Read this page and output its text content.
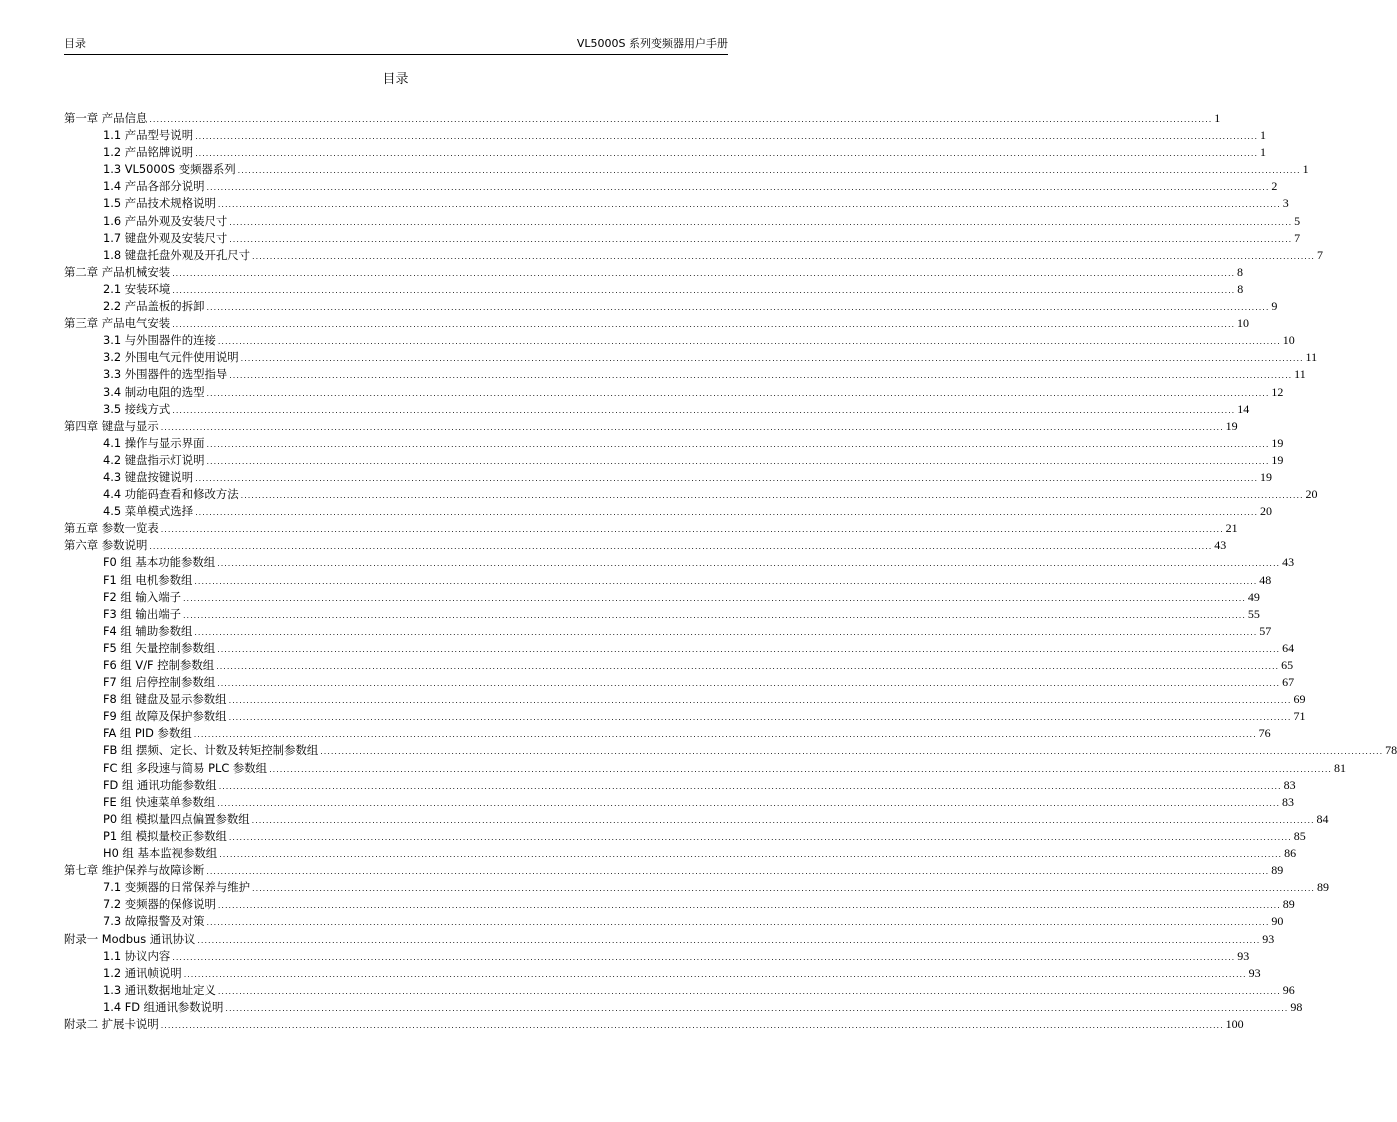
目录	VL5000S 系列变频器用户手册
目录
第一章 产品信息 ............................................................................................................................................................................................................................................................................................................ 1
1.1 产品型号说明 ............................................................................................................................................................................................................................................................................................................ 1
1.2 产品铭牌说明 ............................................................................................................................................................................................................................................................................................................ 1
1.3 VL5000S 变频器系列 ............................................................................................................................................................................................................................................................................................................ 1
1.4 产品各部分说明 ............................................................................................................................................................................................................................................................................................................ 2
1.5 产品技术规格说明 ............................................................................................................................................................................................................................................................................................................ 3
1.6 产品外观及安装尺寸 ............................................................................................................................................................................................................................................................................................................ 5
1.7 键盘外观及安装尺寸 ............................................................................................................................................................................................................................................................................................................ 7
1.8 键盘托盘外观及开孔尺寸 ............................................................................................................................................................................................................................................................................................................ 7
第二章 产品机械安装 ............................................................................................................................................................................................................................................................................................................ 8
2.1 安装环境 ............................................................................................................................................................................................................................................................................................................ 8
2.2 产品盖板的拆卸 ............................................................................................................................................................................................................................................................................................................ 9
第三章 产品电气安装 ............................................................................................................................................................................................................................................................................................................ 10
3.1 与外围器件的连接 ............................................................................................................................................................................................................................................................................................................ 10
3.2 外围电气元件使用说明 ............................................................................................................................................................................................................................................................................................................ 11
3.3 外围器件的选型指导 ............................................................................................................................................................................................................................................................................................................ 11
3.4 制动电阻的选型 ............................................................................................................................................................................................................................................................................................................ 12
3.5 接线方式 ............................................................................................................................................................................................................................................................................................................ 14
第四章 键盘与显示 ............................................................................................................................................................................................................................................................................................................ 19
4.1 操作与显示界面 ............................................................................................................................................................................................................................................................................................................ 19
4.2 键盘指示灯说明 ............................................................................................................................................................................................................................................................................................................ 19
4.3 键盘按键说明 ............................................................................................................................................................................................................................................................................................................ 19
4.4 功能码查看和修改方法 ............................................................................................................................................................................................................................................................................................................ 20
4.5 菜单模式选择 ............................................................................................................................................................................................................................................................................................................ 20
第五章 参数一览表 ............................................................................................................................................................................................................................................................................................................ 21
第六章 参数说明 ............................................................................................................................................................................................................................................................................................................ 43
F0 组 基本功能参数组 ............................................................................................................................................................................................................................................................................................................ 43
F1 组 电机参数组 ............................................................................................................................................................................................................................................................................................................ 48
F2 组 输入端子 ............................................................................................................................................................................................................................................................................................................ 49
F3 组 输出端子 ............................................................................................................................................................................................................................................................................................................ 55
F4 组 辅助参数组 ............................................................................................................................................................................................................................................................................................................ 57
F5 组 矢量控制参数组 ............................................................................................................................................................................................................................................................................................................ 64
F6 组 V/F 控制参数组 ............................................................................................................................................................................................................................................................................................................ 65
F7 组 启停控制参数组 ............................................................................................................................................................................................................................................................................................................ 67
F8 组 键盘及显示参数组 ............................................................................................................................................................................................................................................................................................................ 69
F9 组 故障及保护参数组 ............................................................................................................................................................................................................................................................................................................ 71
FA 组 PID 参数组 ............................................................................................................................................................................................................................................................................................................ 76
FB 组 摆频、定长、计数及转矩控制参数组 ............................................................................................................................................................................................................................................................................................................ 78
FC 组 多段速与简易 PLC 参数组 ............................................................................................................................................................................................................................................................................................................ 81
FD 组 通讯功能参数组 ............................................................................................................................................................................................................................................................................................................ 83
FE 组 快速菜单参数组 ............................................................................................................................................................................................................................................................................................................ 83
P0 组 模拟量四点偏置参数组 ............................................................................................................................................................................................................................................................................................................ 84
P1 组 模拟量校正参数组 ............................................................................................................................................................................................................................................................................................................ 85
H0 组 基本监视参数组 ............................................................................................................................................................................................................................................................................................................ 86
第七章 维护保养与故障诊断 ............................................................................................................................................................................................................................................................................................................ 89
7.1 变频器的日常保养与维护 ............................................................................................................................................................................................................................................................................................................ 89
7.2 变频器的保修说明 ............................................................................................................................................................................................................................................................................................................ 89
7.3 故障报警及对策 ............................................................................................................................................................................................................................................................................................................ 90
附录一 Modbus 通讯协议 ............................................................................................................................................................................................................................................................................................................ 93
1.1 协议内容 ............................................................................................................................................................................................................................................................................................................ 93
1.2 通讯帧说明 ............................................................................................................................................................................................................................................................................................................ 93
1.3 通讯数据地址定义 ............................................................................................................................................................................................................................................................................................................ 96
1.4 FD 组通讯参数说明 ............................................................................................................................................................................................................................................................................................................ 98
附录二 扩展卡说明 ............................................................................................................................................................................................................................................................................................................ 100
